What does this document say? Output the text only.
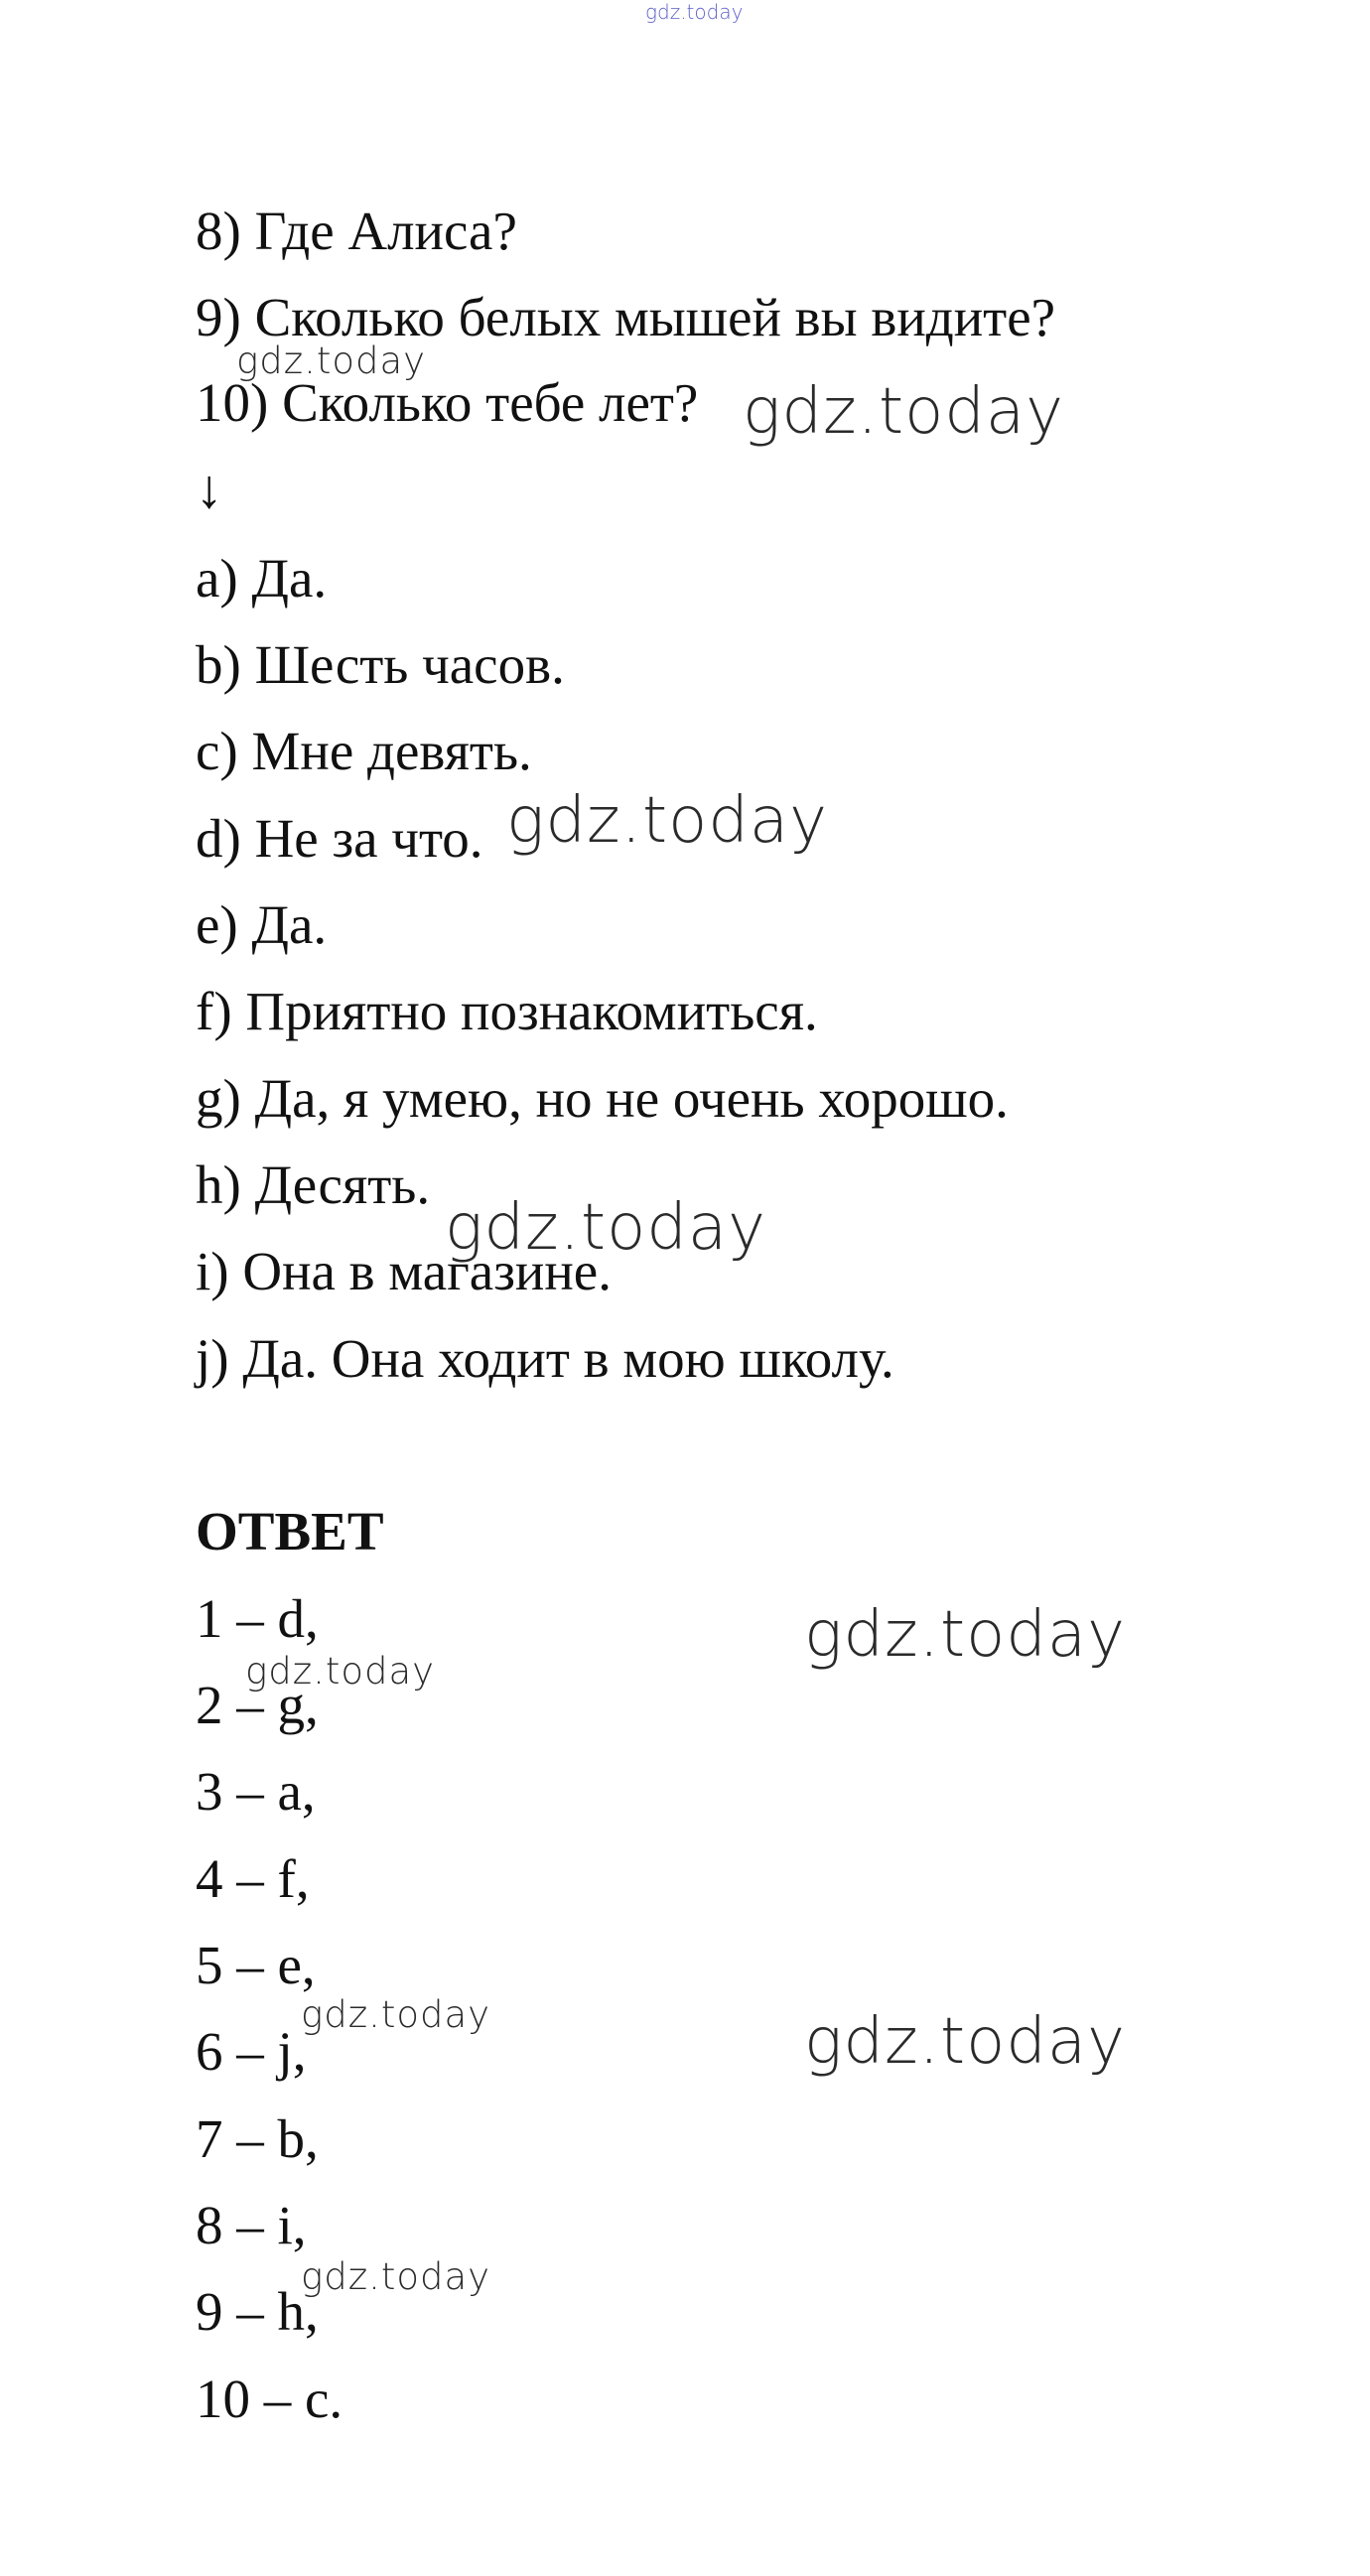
gdz.today
8) Где Алиса?
9) Сколько белых мышей вы видите?
10) Сколько тебе лет?
↓
a) Да.
b) Шесть часов.
c) Мне девять.
d) Не за что.
e) Да.
f) Приятно познакомиться.
g) Да, я умею, но не очень хорошо.
h) Десять.
i) Она в магазине.
j) Да. Она ходит в мою школу.
ОТВЕТ
1 – d,
2 – g,
3 – a,
4 – f,
5 – e,
6 – j,
7 – b,
8 – i,
9 – h,
10 – c.
gdz.today
gdz.today
gdz.today
gdz.today
gdz.today
gdz.today
gdz.today	gdz.today
gdz.today
